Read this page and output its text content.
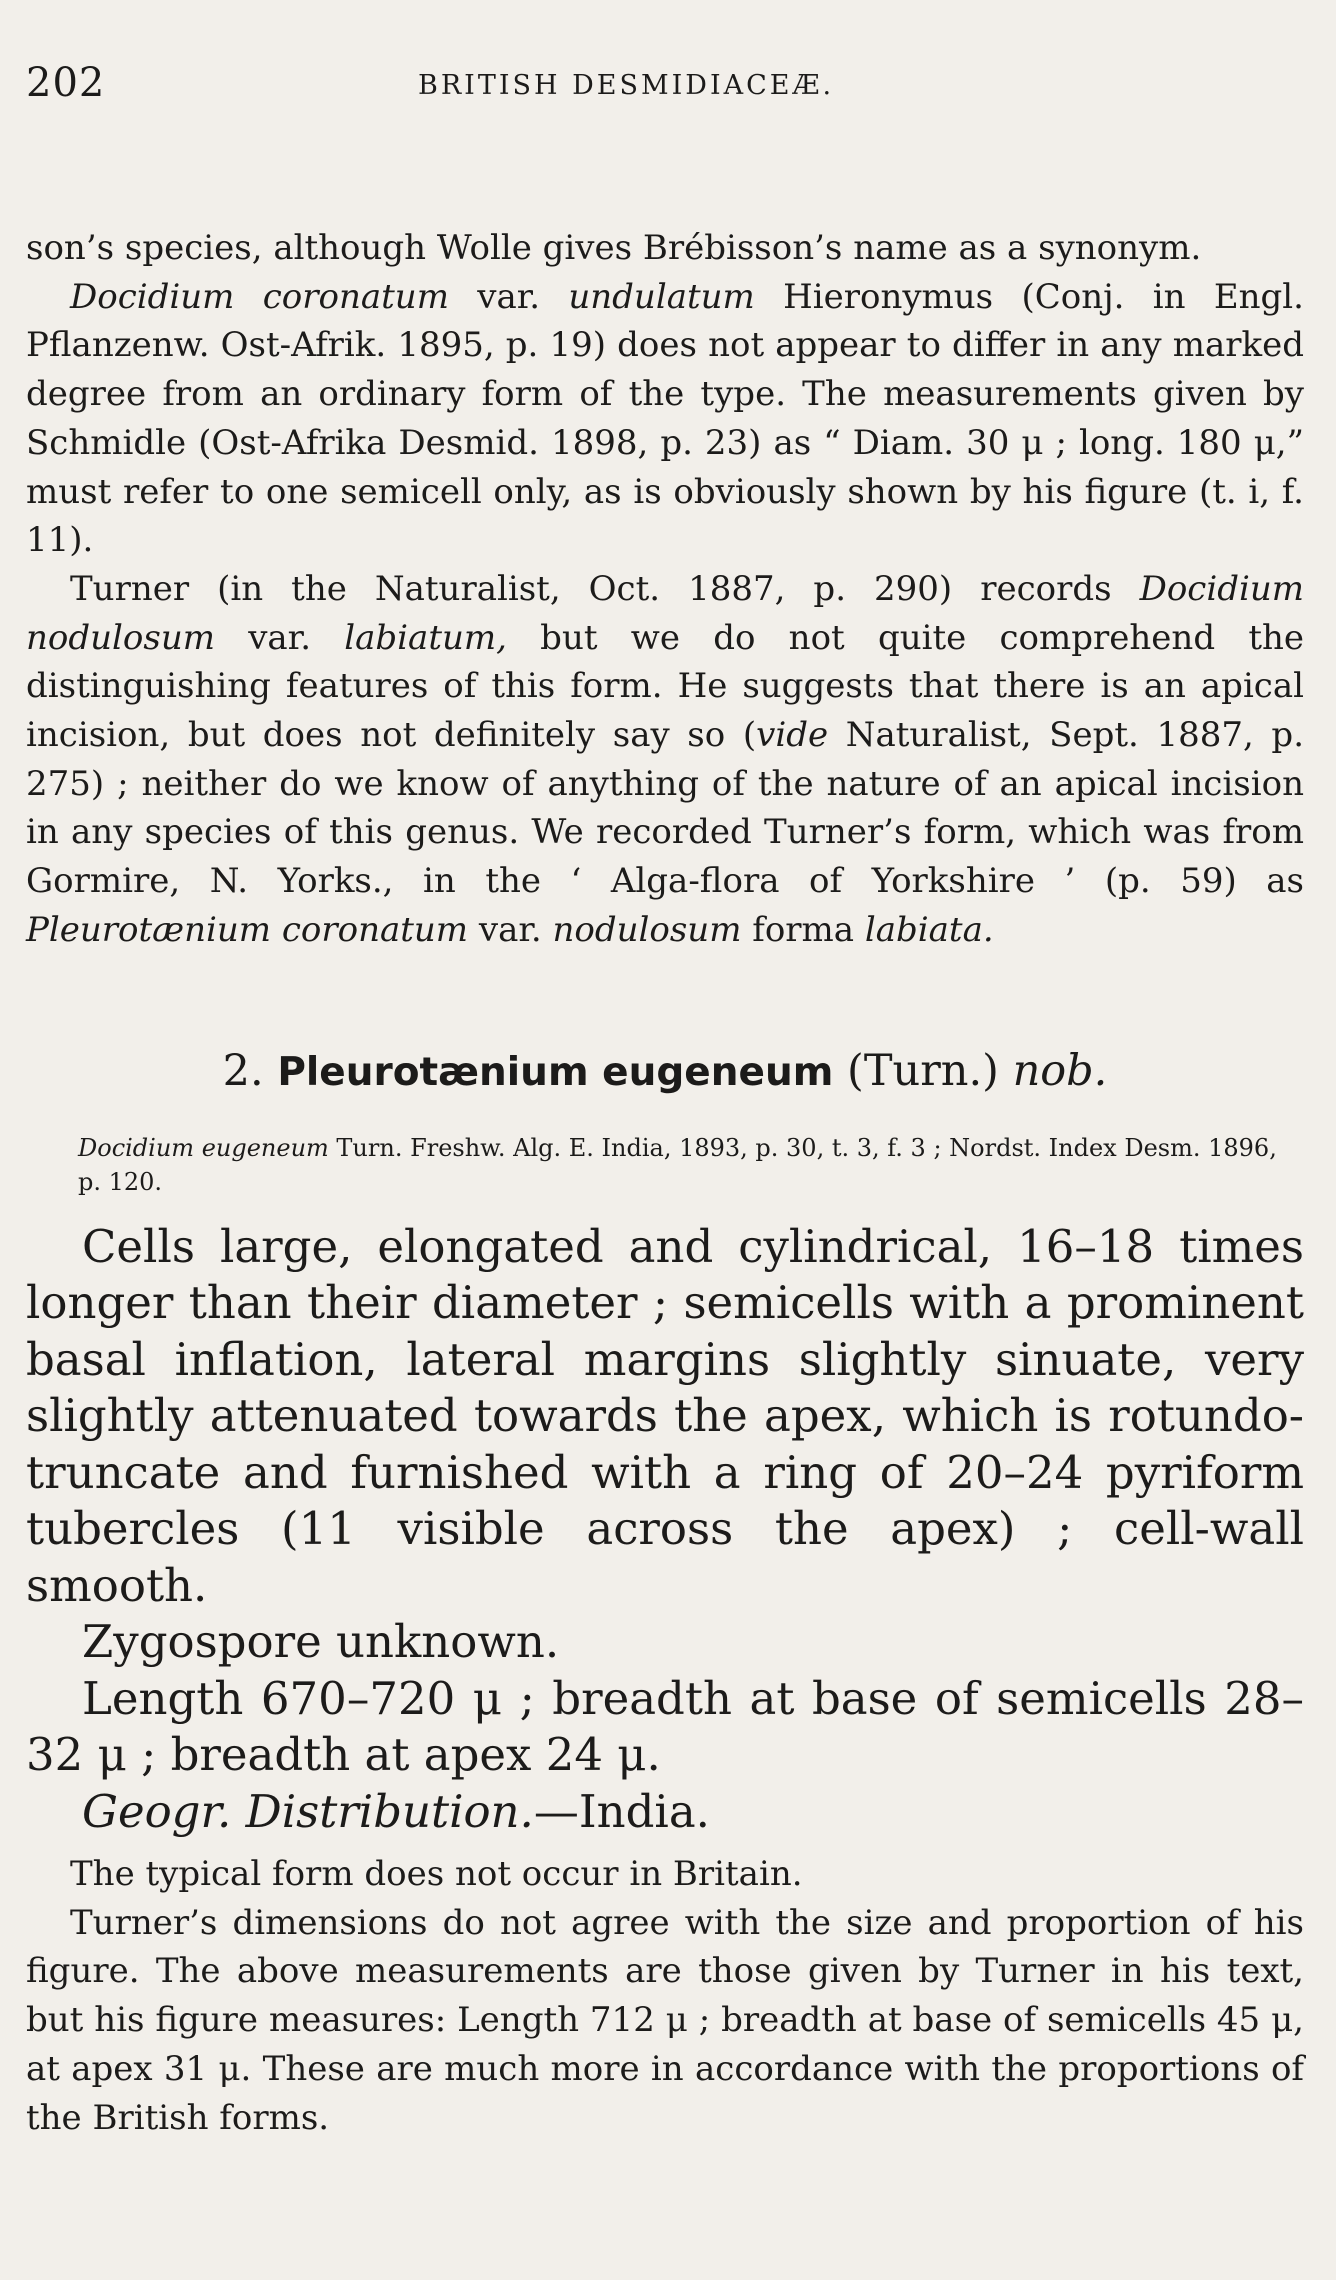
202	BRITISH DESMIDIACEÆ.

son’s species, although Wolle gives Brébisson’s name as a synonym.

Docidium coronatum var. undulatum Hieronymus (Conj. in Engl. Pflanzenw. Ost-Afrik. 1895, p. 19) does not appear to differ in any marked degree from an ordinary form of the type. The measurements given by Schmidle (Ost-Afrika Desmid. 1898, p. 23) as “ Diam. 30 μ ; long. 180 μ,” must refer to one semicell only, as is obviously shown by his figure (t. i, f. 11).

Turner (in the Naturalist, Oct. 1887, p. 290) records Docidium nodulosum var. labiatum, but we do not quite comprehend the distinguishing features of this form. He suggests that there is an apical incision, but does not definitely say so (vide Naturalist, Sept. 1887, p. 275) ; neither do we know of anything of the nature of an apical incision in any species of this genus. We recorded Turner’s form, which was from Gormire, N. Yorks., in the ‘ Alga-flora of Yorkshire ’ (p. 59) as Pleurotænium coronatum var. nodulosum forma labiata.

2. Pleurotænium eugeneum (Turn.) nob.

Docidium eugeneum Turn. Freshw. Alg. E. India, 1893, p. 30, t. 3, f. 3 ; Nordst. Index Desm. 1896, p. 120.

Cells large, elongated and cylindrical, 16–18 times longer than their diameter ; semicells with a prominent basal inflation, lateral margins slightly sinuate, very slightly attenuated towards the apex, which is rotundo-truncate and furnished with a ring of 20–24 pyriform tubercles (11 visible across the apex) ; cell-wall smooth.

Zygospore unknown.

Length 670–720 μ ; breadth at base of semicells 28–32 μ ; breadth at apex 24 μ.

Geogr. Distribution.—India.

The typical form does not occur in Britain.

Turner’s dimensions do not agree with the size and proportion of his figure. The above measurements are those given by Turner in his text, but his figure measures: Length 712 μ ; breadth at base of semicells 45 μ, at apex 31 μ. These are much more in accordance with the proportions of the British forms.
